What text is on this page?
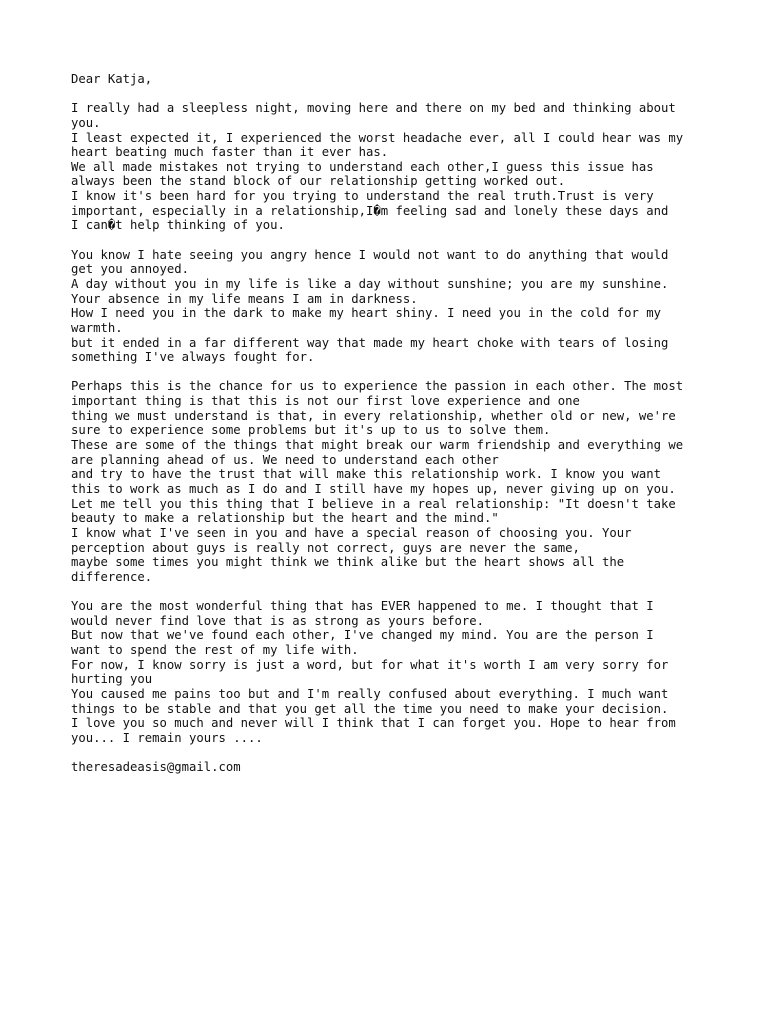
Dear Katja,
I really had a sleepless night, moving here and there on my bed and thinking about
you.
I least expected it, I experienced the worst headache ever, all I could hear was my
heart beating much faster than it ever has.
We all made mistakes not trying to understand each other,I guess this issue has
always been the stand block of our relationship getting worked out.
I know it's been hard for you trying to understand the real truth.Trust is very
important, especially in a relationship,I�m feeling sad and lonely these days and
I can�t help thinking of you.
You know I hate seeing you angry hence I would not want to do anything that would
get you annoyed.
A day without you in my life is like a day without sunshine; you are my sunshine.
Your absence in my life means I am in darkness.
How I need you in the dark to make my heart shiny. I need you in the cold for my
warmth.
but it ended in a far different way that made my heart choke with tears of losing
something I've always fought for.
Perhaps this is the chance for us to experience the passion in each other. The most
important thing is that this is not our first love experience and one
thing we must understand is that, in every relationship, whether old or new, we're
sure to experience some problems but it's up to us to solve them.
These are some of the things that might break our warm friendship and everything we
are planning ahead of us. We need to understand each other
and try to have the trust that will make this relationship work. I know you want
this to work as much as I do and I still have my hopes up, never giving up on you.
Let me tell you this thing that I believe in a real relationship: "It doesn't take
beauty to make a relationship but the heart and the mind."
I know what I've seen in you and have a special reason of choosing you. Your
perception about guys is really not correct, guys are never the same,
maybe some times you might think we think alike but the heart shows all the
difference.
You are the most wonderful thing that has EVER happened to me. I thought that I
would never find love that is as strong as yours before.
But now that we've found each other, I've changed my mind. You are the person I
want to spend the rest of my life with.
For now, I know sorry is just a word, but for what it's worth I am very sorry for
hurting you
You caused me pains too but and I'm really confused about everything. I much want
things to be stable and that you get all the time you need to make your decision.
I love you so much and never will I think that I can forget you. Hope to hear from
you... I remain yours ....
theresadeasis@gmail.com
